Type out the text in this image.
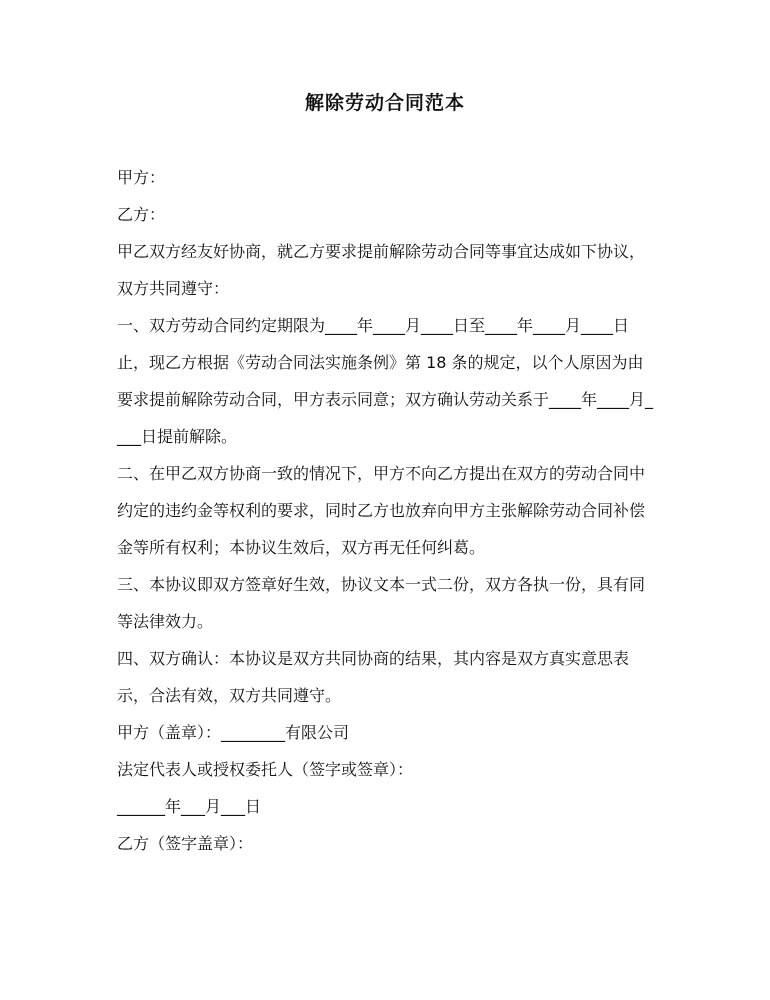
解除劳动合同范本

甲方：

乙方：

甲乙双方经友好协商，就乙方要求提前解除劳动合同等事宜达成如下协议，双方共同遵守：

一、双方劳动合同约定期限为____年____月____日至____年____月____日止，现乙方根据《劳动合同法实施条例》第 18 条的规定，以个人原因为由要求提前解除劳动合同，甲方表示同意；双方确认劳动关系于____年____月____日提前解除。

二、在甲乙双方协商一致的情况下，甲方不向乙方提出在双方的劳动合同中约定的违约金等权利的要求，同时乙方也放弃向甲方主张解除劳动合同补偿金等所有权利；本协议生效后，双方再无任何纠葛。

三、本协议即双方签章好生效，协议文本一式二份，双方各执一份，具有同等法律效力。

四、双方确认：本协议是双方共同协商的结果，其内容是双方真实意思表示，合法有效，双方共同遵守。

甲方（盖章）：________有限公司

法定代表人或授权委托人（签字或签章）：

______年___月___日

乙方（签字盖章）：
